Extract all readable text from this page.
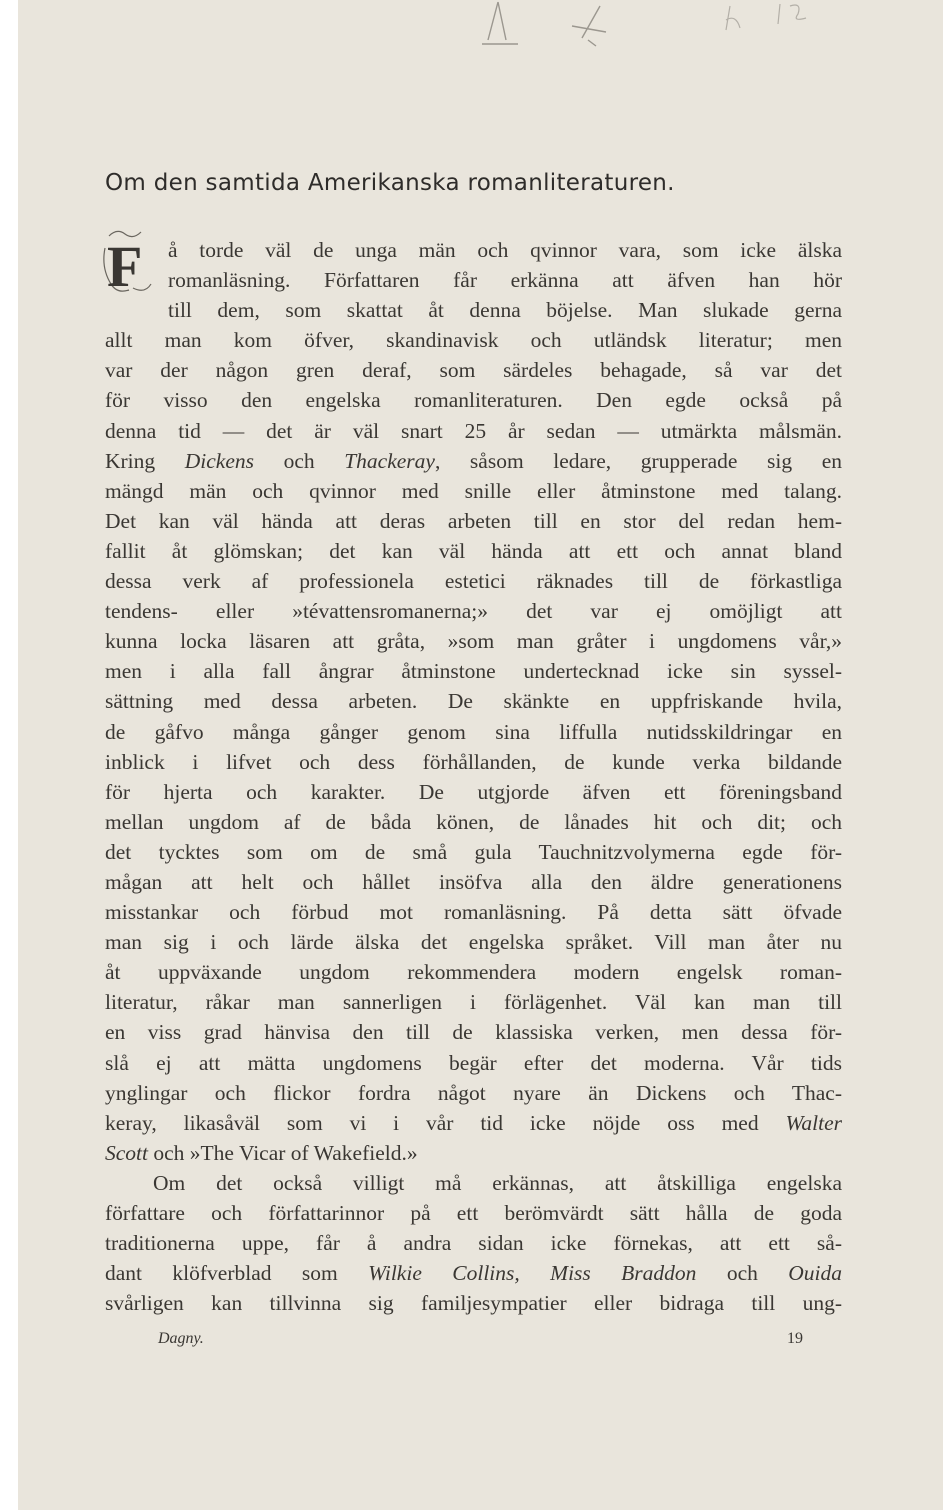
Om den samtida Amerikanska romanliteraturen.
F	å torde väl de unga män och qvinnor vara, som icke älska
romanläsning. Författaren får erkänna att äfven han hör
till dem, som skattat åt denna böjelse. Man slukade gerna
allt man kom öfver, skandinavisk och utländsk literatur; men
var der någon gren deraf, som särdeles behagade, så var det
för visso den engelska romanliteraturen. Den egde också på
denna tid — det är väl snart 25 år sedan — utmärkta målsmän.
Kring Dickens och Thackeray, såsom ledare, grupperade sig en
mängd män och qvinnor med snille eller åtminstone med talang.
Det kan väl hända att deras arbeten till en stor del redan hem-
fallit åt glömskan; det kan väl hända att ett och annat bland
dessa verk af professionela estetici räknades till de förkastliga
tendens- eller »tévattensromanerna;» det var ej omöjligt att
kunna locka läsaren att gråta, »som man gråter i ungdomens vår,»
men i alla fall ångrar åtminstone undertecknad icke sin syssel-
sättning med dessa arbeten. De skänkte en uppfriskande hvila,
de gåfvo många gånger genom sina liffulla nutidsskildringar en
inblick i lifvet och dess förhållanden, de kunde verka bildande
för hjerta och karakter. De utgjorde äfven ett föreningsband
mellan ungdom af de båda könen, de lånades hit och dit; och
det tycktes som om de små gula Tauchnitzvolymerna egde för-
mågan att helt och hållet insöfva alla den äldre generationens
misstankar och förbud mot romanläsning. På detta sätt öfvade
man sig i och lärde älska det engelska språket. Vill man åter nu
åt uppväxande ungdom rekommendera modern engelsk roman-
literatur, råkar man sannerligen i förlägenhet. Väl kan man till
en viss grad hänvisa den till de klassiska verken, men dessa för-
slå ej att mätta ungdomens begär efter det moderna. Vår tids
ynglingar och flickor fordra något nyare än Dickens och Thac-
keray, likasåväl som vi i vår tid icke nöjde oss med Walter
Scott och »The Vicar of Wakefield.»
Om det också villigt må erkännas, att åtskilliga engelska
författare och författarinnor på ett berömvärdt sätt hålla de goda
traditionerna uppe, får å andra sidan icke förnekas, att ett så-
dant klöfverblad som Wilkie Collins, Miss Braddon och Ouida
svårligen kan tillvinna sig familjesympatier eller bidraga till ung-
Dagny.	19
